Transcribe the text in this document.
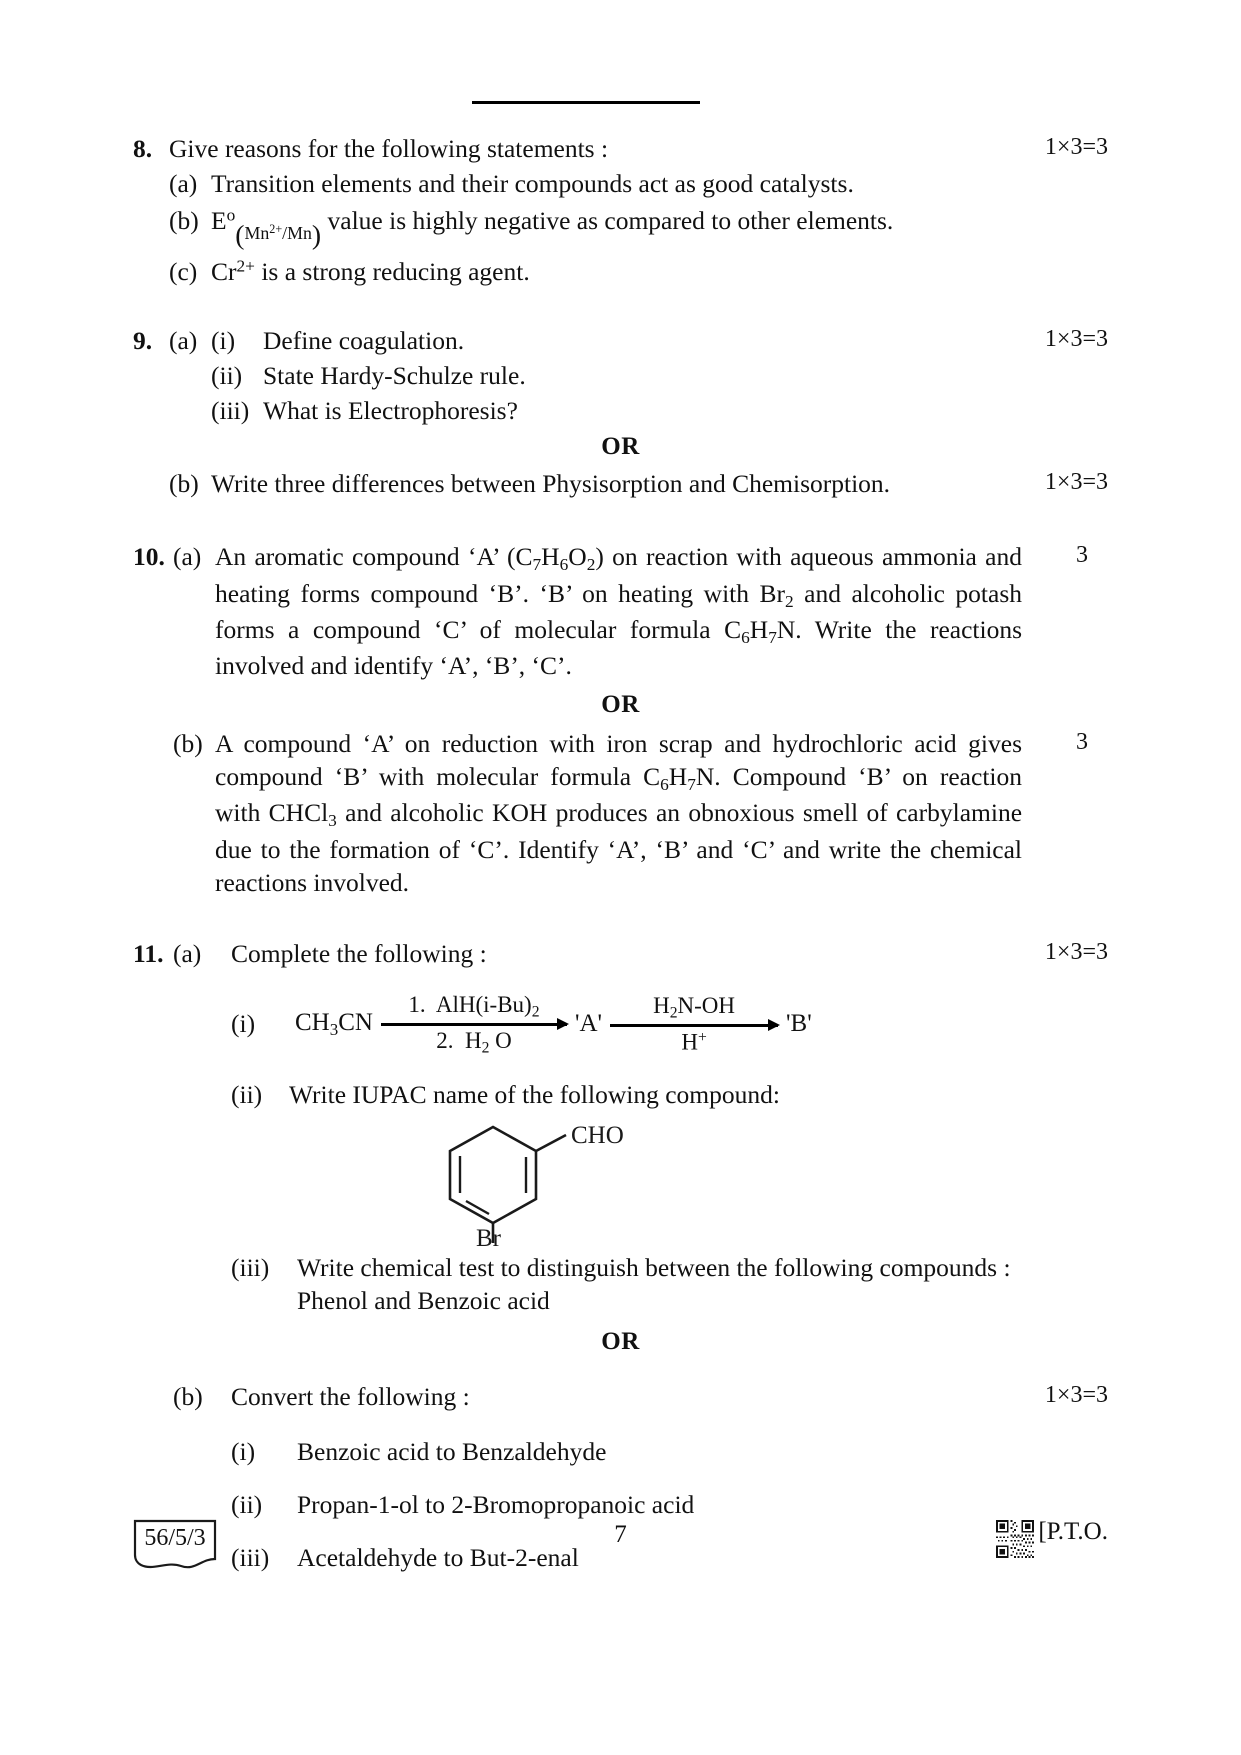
8. Give reasons for the following statements :	1×3=3
(a) Transition elements and their compounds act as good catalysts.
(b) $E^o(Mn^{2+}/Mn)$ value is highly negative as compared to other elements.
(c) $Cr^{2+}$ is a strong reducing agent.
9. (a) (i)	Define coagulation.	1×3=3
(ii) State Hardy-Schulze rule.
(iii) What is Electrophoresis?
OR
(b) Write three differences between Physisorption and Chemisorption.	1×3=3
10. (a) An aromatic compound ‘A’ $(C_7H_6O_2)$ on reaction with aqueous ammonia and heating forms compound ‘B’. ‘B’ on heating with $Br_2$ and alcoholic potash forms a compound ‘C’ of molecular formula $C_6H_7N$. Write the reactions involved and identify ‘A’, ‘B’, ‘C’.
3
OR
(b) A compound ‘A’ on reduction with iron scrap and hydrochloric acid gives compound ‘B’ with molecular formula $C_6H_7N$. Compound ‘B’ on reaction with CHCl$_3$ and alcoholic KOH produces an obnoxious smell of carbylamine due to the formation of ‘C’. Identify ‘A’, ‘B’ and ‘C’ and write the chemical reactions involved.
3
11. (a)	Complete the following :	1×3=3
(i)	$CH_3CN$
1.  $AlH(i-Bu)_2$
2.  $H_2$ O
'A'
$H_2N-OH$
H+
'B'
(ii)	Write IUPAC name of the following compound:
CHO
Br
(iii)	Write chemical test to distinguish between the following compounds :
Phenol and Benzoic acid
OR
(b)	Convert the following :	1×3=3
(i)	Benzoic acid to Benzaldehyde
(ii)	Propan-1-ol to 2-Bromopropanoic acid
(iii)	Acetaldehyde to But-2-enal
56/5/3	7	[P.T.O.
